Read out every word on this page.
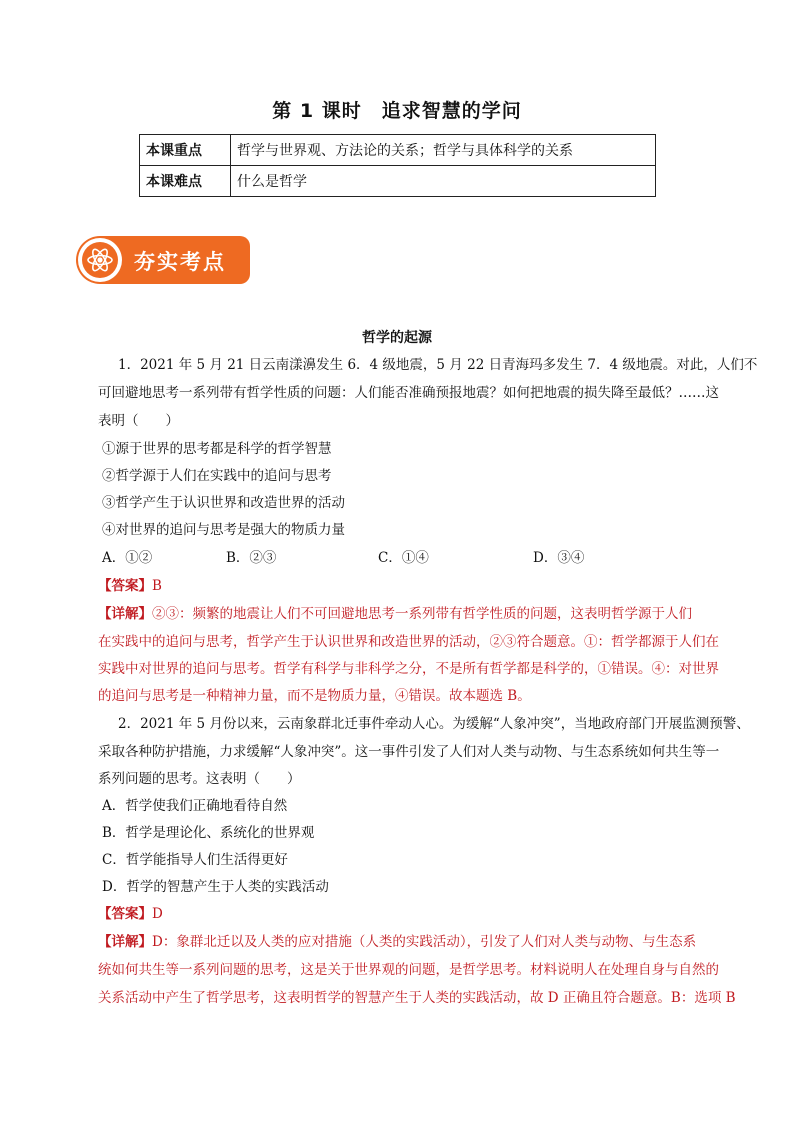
第 1 课时　追求智慧的学问
本课重点	哲学与世界观、方法论的关系；哲学与具体科学的关系
本课难点	什么是哲学
夯实考点
哲学的起源
1．2021 年 5 月 21 日云南漾濞发生 6．4 级地震，5 月 22 日青海玛多发生 7．4 级地震。对此，人们不
可回避地思考一系列带有哲学性质的问题：人们能否准确预报地震？如何把地震的损失降至最低？……这
表明（　　）
①源于世界的思考都是科学的哲学智慧
②哲学源于人们在实践中的追问与思考
③哲学产生于认识世界和改造世界的活动
④对世界的追问与思考是强大的物质力量
A．①②	B．②③	C．①④	D．③④
【答案】B
【详解】②③：频繁的地震让人们不可回避地思考一系列带有哲学性质的问题，这表明哲学源于人们
在实践中的追问与思考，哲学产生于认识世界和改造世界的活动，②③符合题意。①：哲学都源于人们在
实践中对世界的追问与思考。哲学有科学与非科学之分，不是所有哲学都是科学的，①错误。④：对世界
的追问与思考是一种精神力量，而不是物质力量，④错误。故本题选 B。
2．2021 年 5 月份以来，云南象群北迁事件牵动人心。为缓解“人象冲突”，当地政府部门开展监测预警、
采取各种防护措施，力求缓解“人象冲突”。这一事件引发了人们对人类与动物、与生态系统如何共生等一
系列问题的思考。这表明（　　）
A．哲学使我们正确地看待自然
B．哲学是理论化、系统化的世界观
C．哲学能指导人们生活得更好
D．哲学的智慧产生于人类的实践活动
【答案】D
【详解】D：象群北迁以及人类的应对措施（人类的实践活动），引发了人们对人类与动物、与生态系
统如何共生等一系列问题的思考，这是关于世界观的问题，是哲学思考。材料说明人在处理自身与自然的
关系活动中产生了哲学思考，这表明哲学的智慧产生于人类的实践活动，故 D 正确且符合题意。B：选项 B
